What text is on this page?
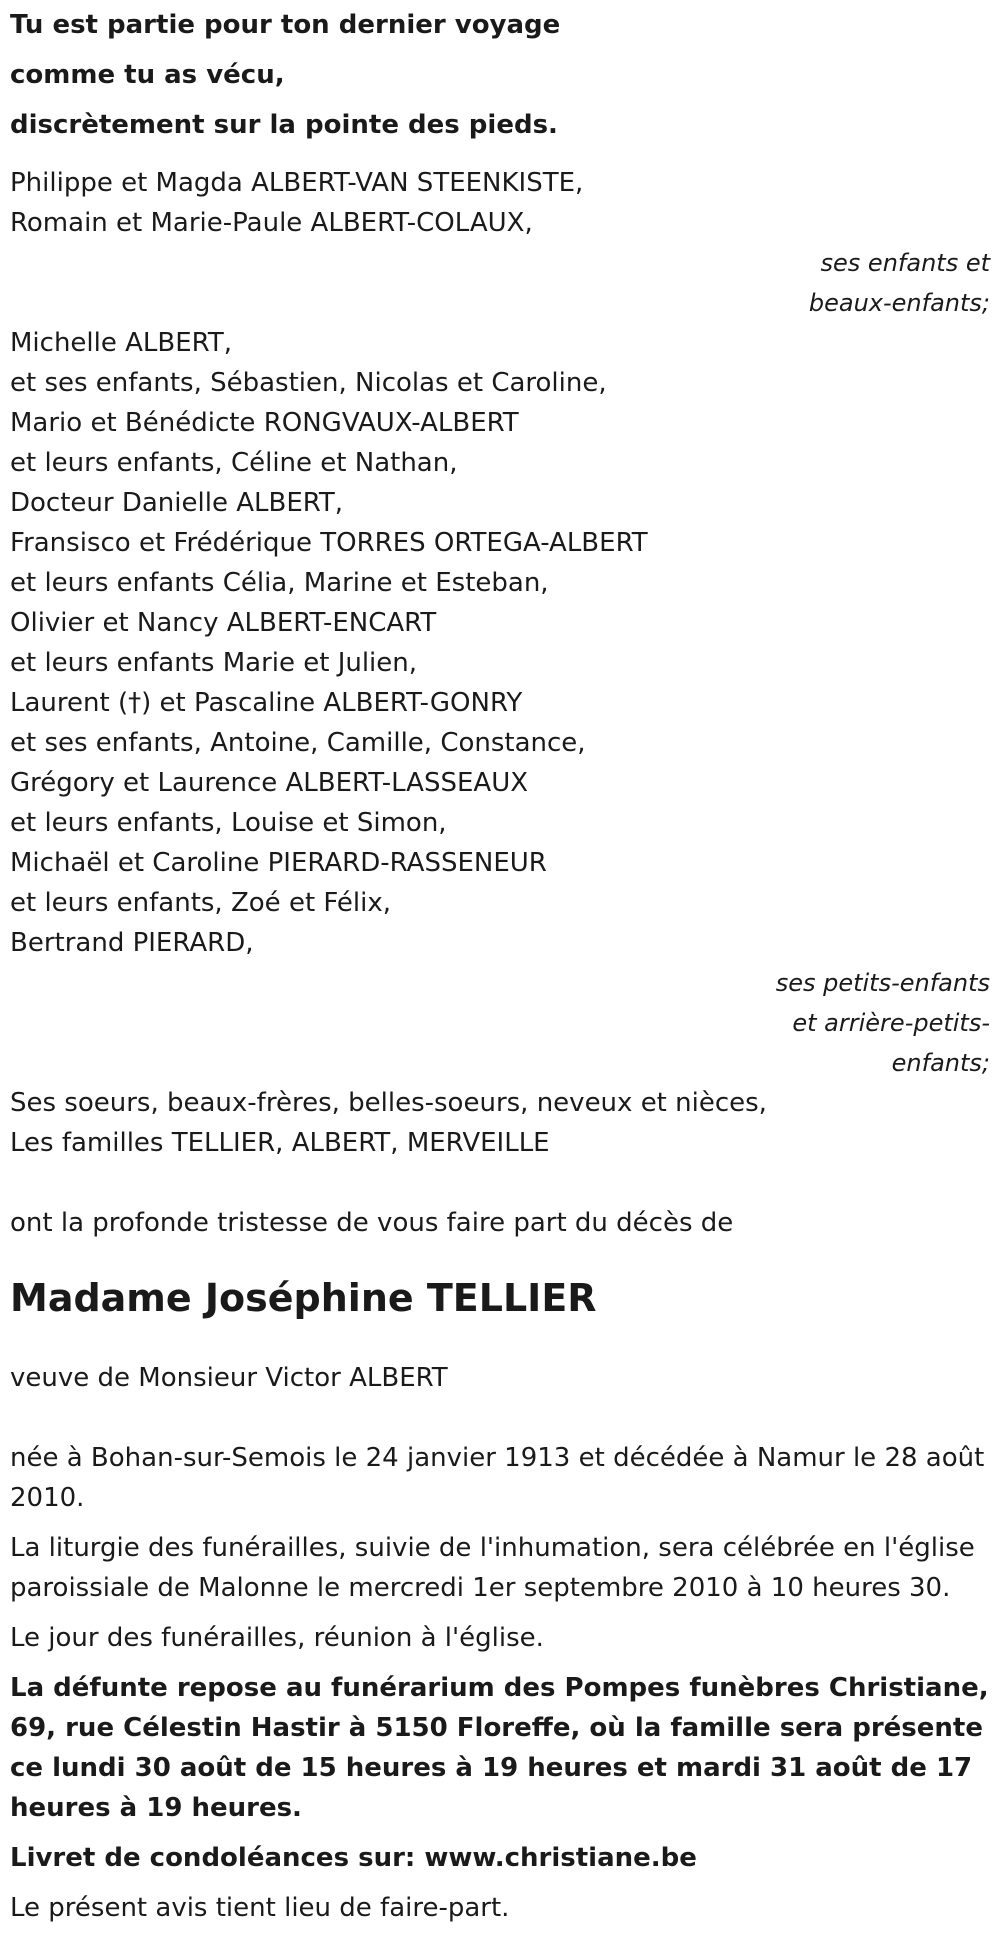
Tu est partie pour ton dernier voyage
comme tu as vécu,
discrètement sur la pointe des pieds.
Philippe et Magda ALBERT-VAN STEENKISTE,
Romain et Marie-Paule ALBERT-COLAUX,
ses enfants et
beaux-enfants;
Michelle ALBERT,
et ses enfants, Sébastien, Nicolas et Caroline,
Mario et Bénédicte RONGVAUX-ALBERT
et leurs enfants, Céline et Nathan,
Docteur Danielle ALBERT,
Fransisco et Frédérique TORRES ORTEGA-ALBERT
et leurs enfants Célia, Marine et Esteban,
Olivier et Nancy ALBERT-ENCART
et leurs enfants Marie et Julien,
Laurent (†) et Pascaline ALBERT-GONRY
et ses enfants, Antoine, Camille, Constance,
Grégory et Laurence ALBERT-LASSEAUX
et leurs enfants, Louise et Simon,
Michaël et Caroline PIERARD-RASSENEUR
et leurs enfants, Zoé et Félix,
Bertrand PIERARD,
ses petits-enfants
et arrière-petits-
enfants;
Ses soeurs, beaux-frères, belles-soeurs, neveux et nièces,
Les familles TELLIER, ALBERT, MERVEILLE
ont la profonde tristesse de vous faire part du décès de
Madame Joséphine TELLIER
veuve de Monsieur Victor ALBERT

née à Bohan-sur-Semois le 24 janvier 1913 et décédée à Namur le 28 août 2010.

La liturgie des funérailles, suivie de l'inhumation, sera célébrée en l'église paroissiale de Malonne le mercredi 1er septembre 2010 à 10 heures 30.

Le jour des funérailles, réunion à l'église.

La défunte repose au funérarium des Pompes funèbres Christiane, 69, rue Célestin Hastir à 5150 Floreffe, où la famille sera présente ce lundi 30 août de 15 heures à 19 heures et mardi 31 août de 17 heures à 19 heures.

Livret de condoléances sur: www.christiane.be

Le présent avis tient lieu de faire-part.
